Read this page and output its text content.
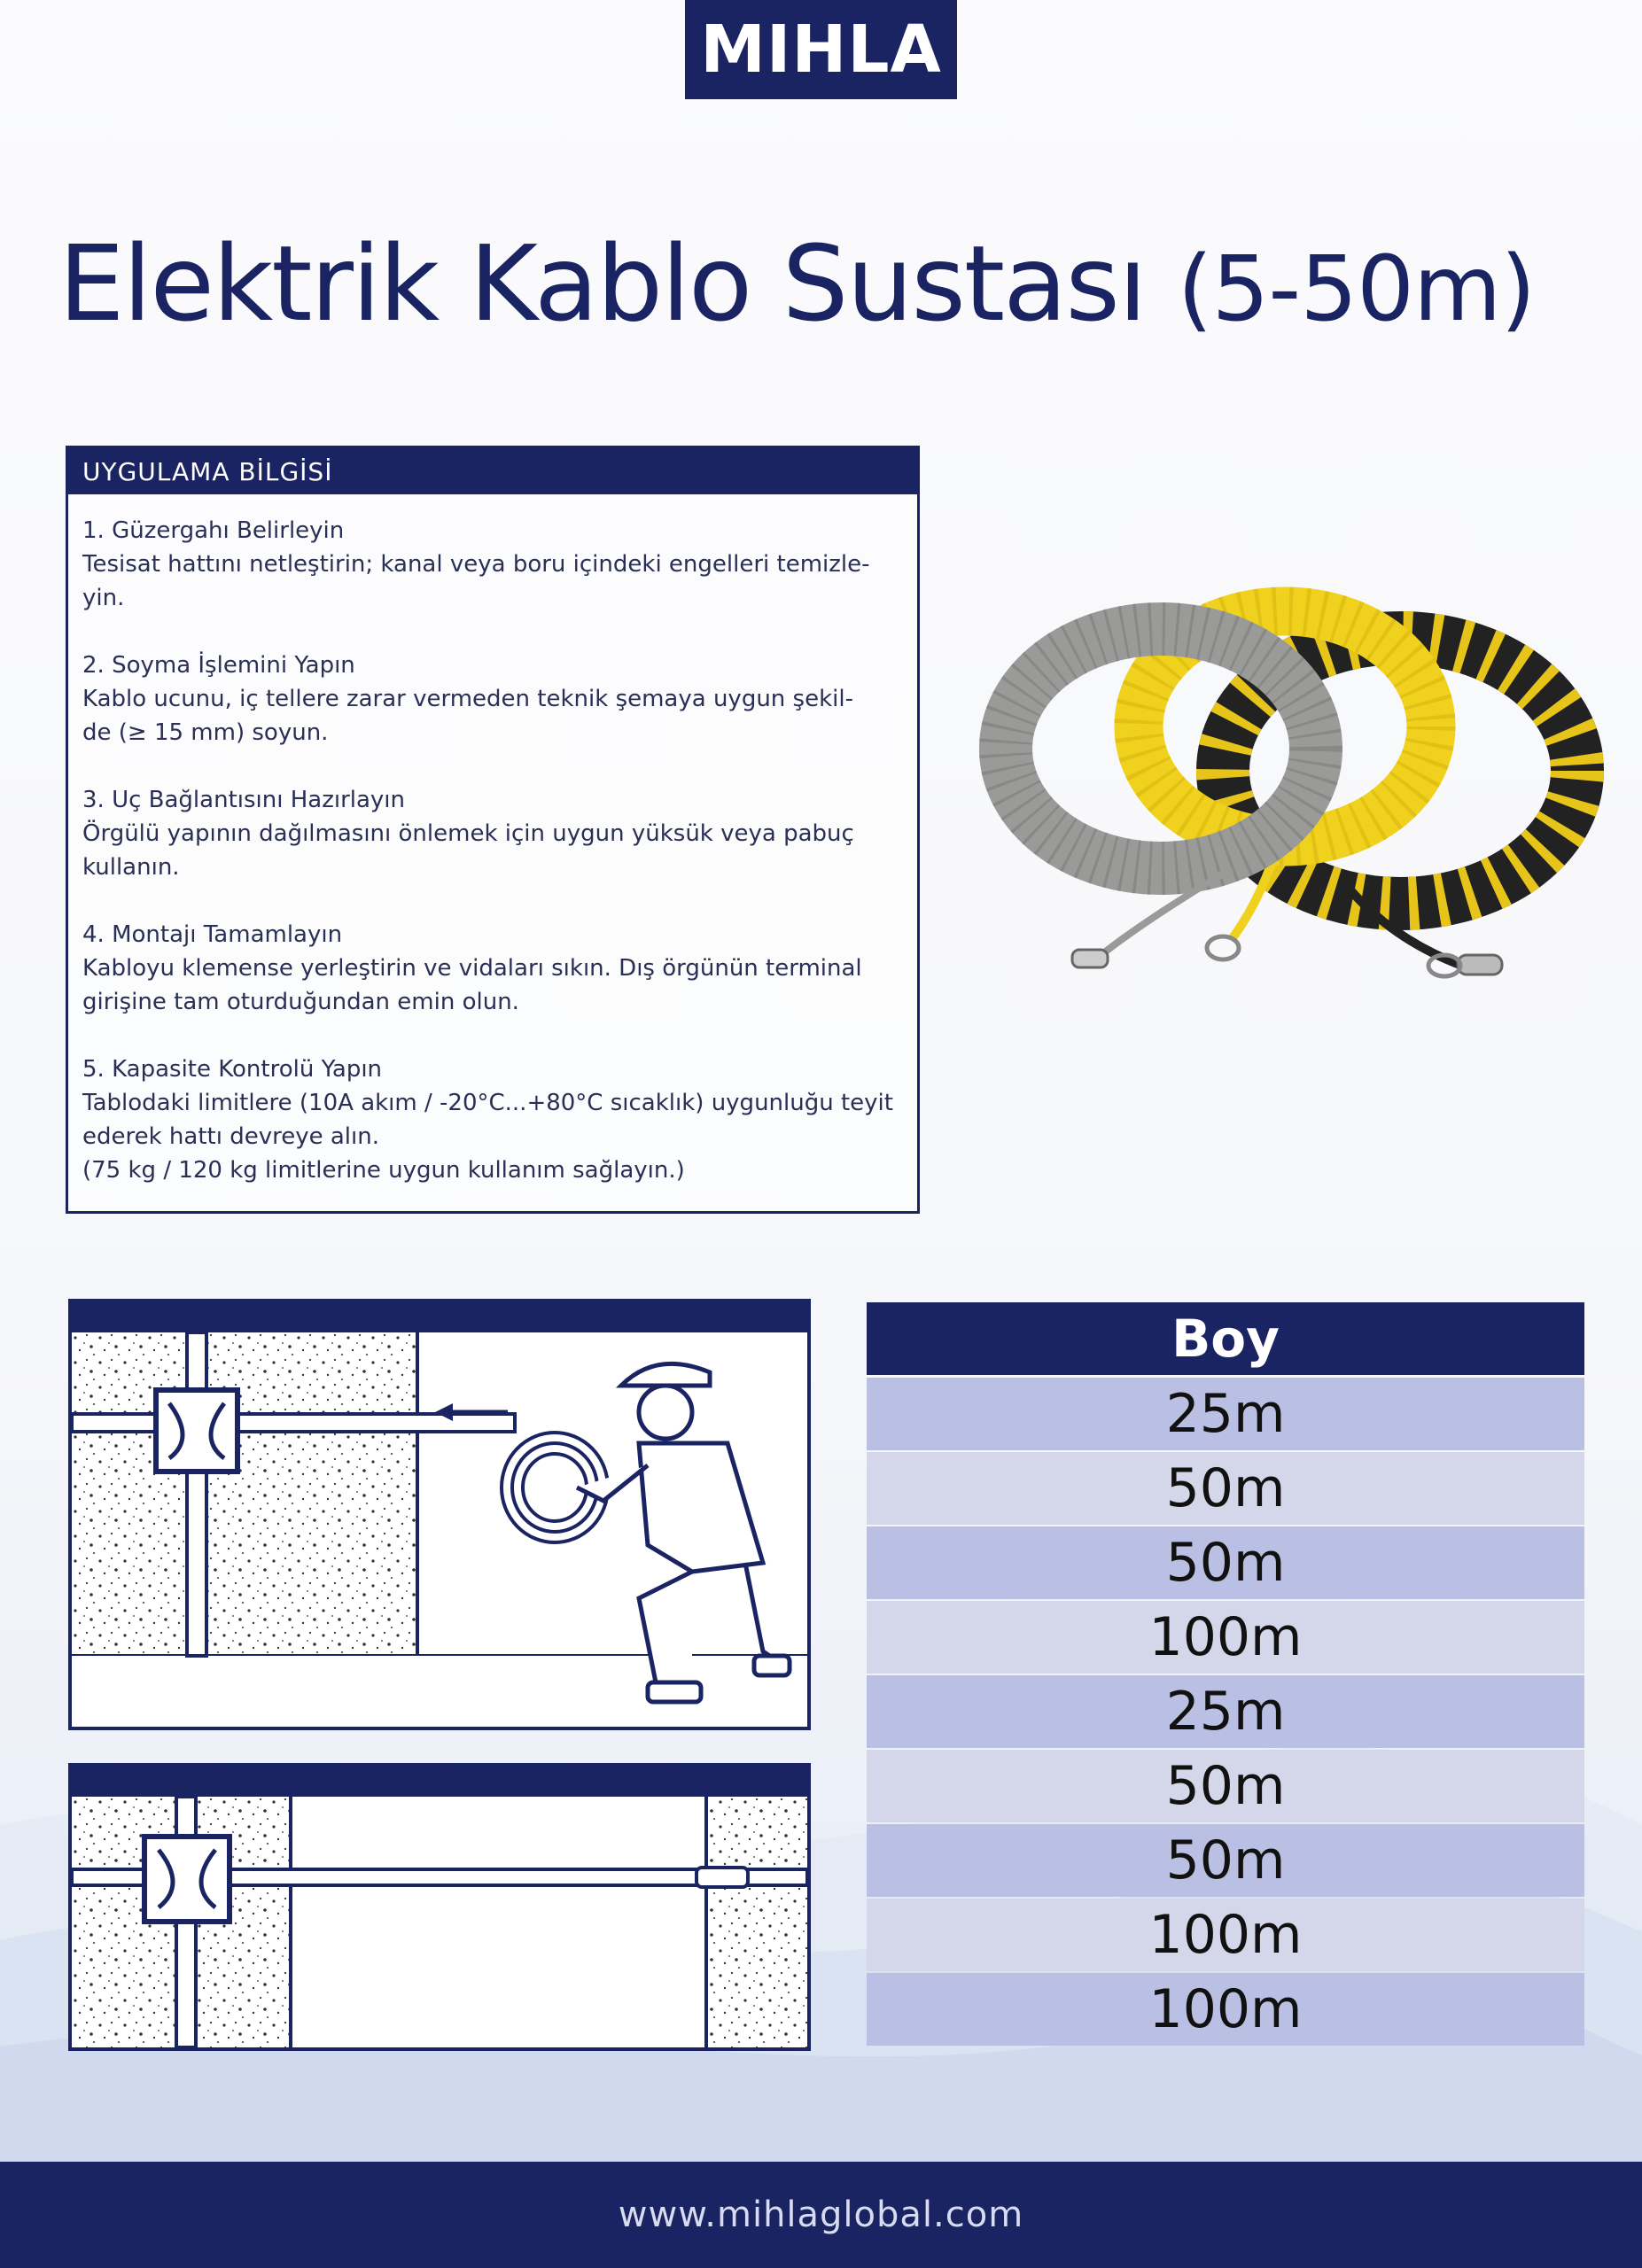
MIHLA
Elektrik Kablo Sustası (5-50m)
UYGULAMA BİLGİSİ
1. Güzergahı Belirleyin
Tesisat hattını netleştirin; kanal veya boru içindeki engelleri temizle-
yin.
2. Soyma İşlemini Yapın
Kablo ucunu, iç tellere zarar vermeden teknik şemaya uygun şekil-
de (≥ 15 mm) soyun.
3. Uç Bağlantısını Hazırlayın
Örgülü yapının dağılmasını önlemek için uygun yüksük veya pabuç
kullanın.
4. Montajı Tamamlayın
Kabloyu klemense yerleştirin ve vidaları sıkın. Dış örgünün terminal
girişine tam oturduğundan emin olun.
5. Kapasite Kontrolü Yapın
Tablodaki limitlere (10A akım / -20°C...+80°C sıcaklık) uygunluğu teyit
ederek hattı devreye alın.
(75 kg / 120 kg limitlerine uygun kullanım sağlayın.)
Boy
25m
50m
50m
100m
25m
50m
50m
100m
100m
www.mihlaglobal.com
